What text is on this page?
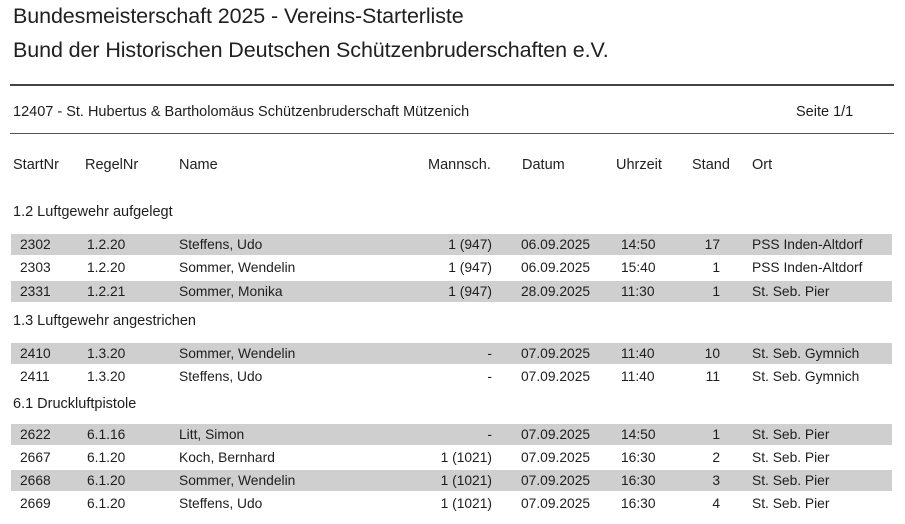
Bundesmeisterschaft 2025 - Vereins-Starterliste
Bund der Historischen Deutschen Schützenbruderschaften e.V.
12407 - St. Hubertus & Bartholomäus Schützenbruderschaft Mützenich	Seite 1/1
StartNr RegelNr	Name	Mannsch. Datum	Uhrzeit Stand Ort
1.2 Luftgewehr aufgelegt
2302	1.2.20	Steffens, Udo	1 (947) 06.09.2025 14:50	17 PSS Inden-Altdorf
2303	1.2.20	Sommer, Wendelin	1 (947) 06.09.2025 15:40	1 PSS Inden-Altdorf
2331	1.2.21	Sommer, Monika	1 (947) 28.09.2025 11:30	1 St. Seb. Pier
1.3 Luftgewehr angestrichen
2410	1.3.20	Sommer, Wendelin	- 07.09.2025 11:40	10 St. Seb. Gymnich
2411	1.3.20	Steffens, Udo	- 07.09.2025 11:40	11 St. Seb. Gymnich
6.1 Druckluftpistole
2622	6.1.16	Litt, Simon	- 07.09.2025 14:50	1 St. Seb. Pier
2667	6.1.20	Koch, Bernhard	1 (1021) 07.09.2025 16:30	2 St. Seb. Pier
2668	6.1.20	Sommer, Wendelin	1 (1021) 07.09.2025 16:30	3 St. Seb. Pier
2669	6.1.20	Steffens, Udo	1 (1021) 07.09.2025 16:30	4 St. Seb. Pier
